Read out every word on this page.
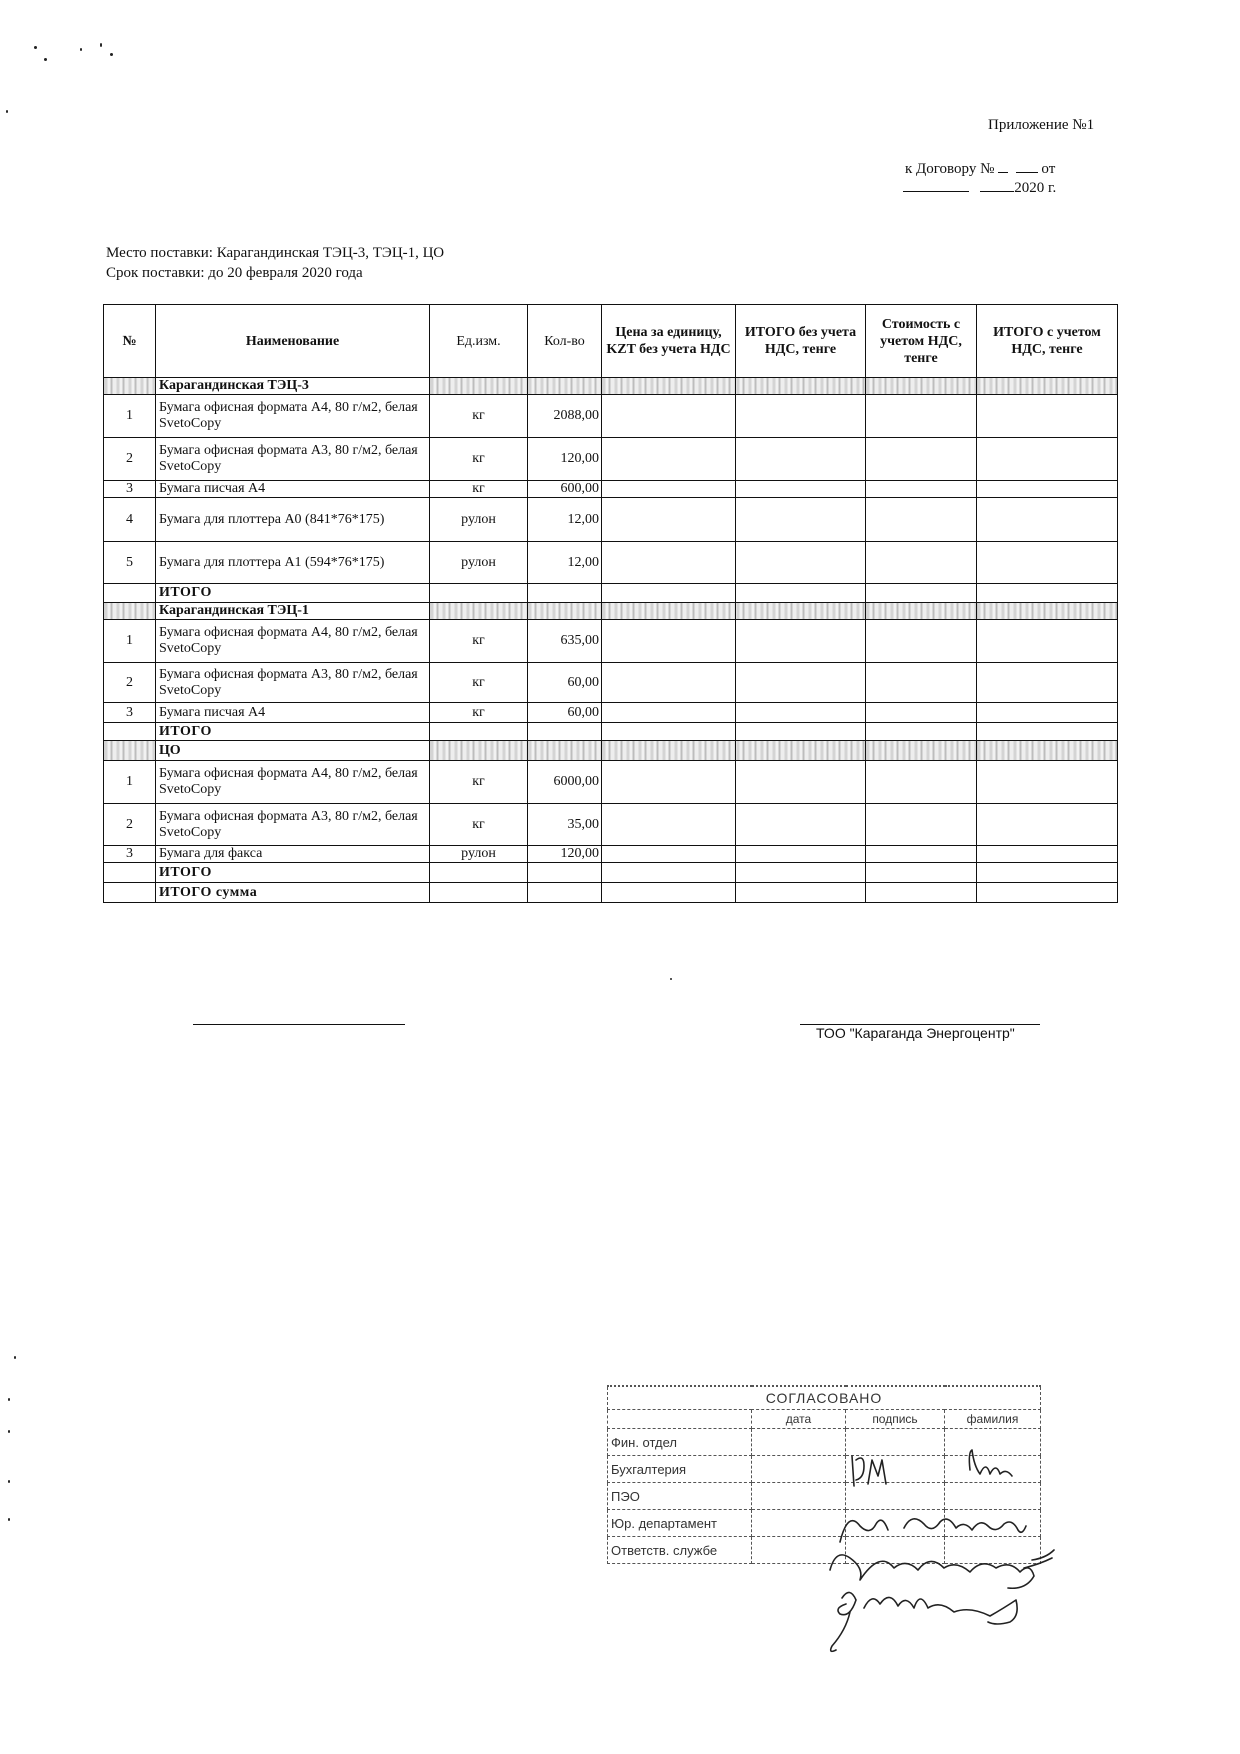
Приложение №1
к Договору №	от
2020 г.
Место поставки: Карагандинская ТЭЦ-3, ТЭЦ-1, ЦО
Срок поставки: до 20 февраля 2020 года
№	Наименование	Ед.изм.	Кол-во	Цена за единицу, KZT без учета НДС	ИТОГО без учета НДС, тенге	Стоимость с учетом НДС, тенге	ИТОГО с учетом НДС, тенге
	Карагандинская ТЭЦ-3						
1	Бумага офисная формата А4, 80 г/м2, белая SvetoCopy	кг	2088,00				
2	Бумага офисная формата А3, 80 г/м2, белая SvetoCopy	кг	120,00				
3	Бумага писчая А4	кг	600,00				
4	Бумага для плоттера А0 (841*76*175)	рулон	12,00				
5	Бумага для плоттера А1 (594*76*175)	рулон	12,00				
	ИТОГО						
	Карагандинская ТЭЦ-1						
1	Бумага офисная формата А4, 80 г/м2, белая SvetoCopy	кг	635,00				
2	Бумага офисная формата А3, 80 г/м2, белая SvetoCopy	кг	60,00				
3	Бумага писчая А4	кг	60,00				
	ИТОГО						
	ЦО						
1	Бумага офисная формата А4, 80 г/м2, белая SvetoCopy	кг	6000,00				
2	Бумага офисная формата А3, 80 г/м2, белая SvetoCopy	кг	35,00				
3	Бумага для факса	рулон	120,00				
	ИТОГО						
	ИТОГО сумма						
ТОО "Караганда Энергоцентр"
СОГЛАСОВАНО			
	дата	подпись	фамилия
Фин. отдел			
Бухгалтерия			
ПЭО			
Юр. департамент			
Ответств. службе			
